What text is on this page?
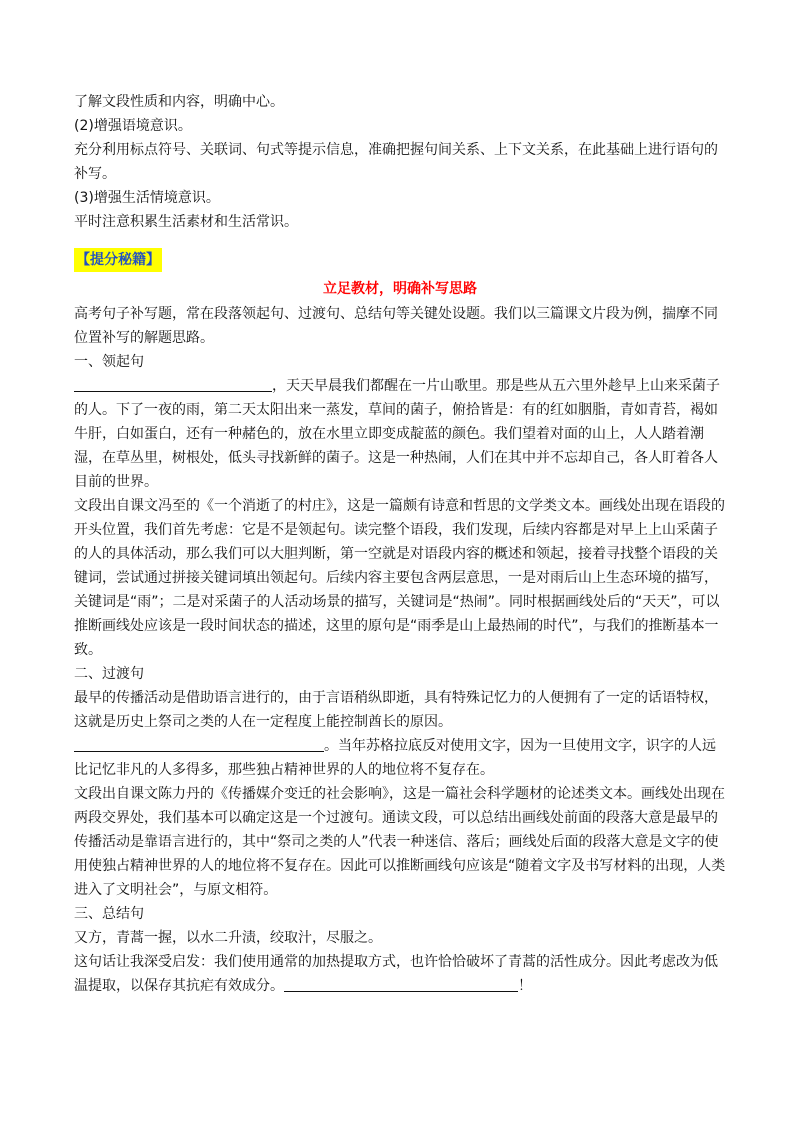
了解文段性质和内容，明确中心。

(2)增强语境意识。

充分利用标点符号、关联词、句式等提示信息，准确把握句间关系、上下文关系，在此基础上进行语句的补写。

(3)增强生活情境意识。

平时注意积累生活素材和生活常识。

【提分秘籍】
立足教材，明确补写思路

高考句子补写题，常在段落领起句、过渡句、总结句等关键处设题。我们以三篇课文片段为例，揣摩不同位置补写的解题思路。

一、领起句

，天天早晨我们都醒在一片山歌里。那是些从五六里外趁早上山来采菌子的人。下了一夜的雨，第二天太阳出来一蒸发，草间的菌子，俯拾皆是：有的红如胭脂，青如青苔，褐如牛肝，白如蛋白，还有一种赭色的，放在水里立即变成靛蓝的颜色。我们望着对面的山上，人人踏着潮湿，在草丛里，树根处，低头寻找新鲜的菌子。这是一种热闹，人们在其中并不忘却自己，各人盯着各人目前的世界。

文段出自课文冯至的《一个消逝了的村庄》，这是一篇颇有诗意和哲思的文学类文本。画线处出现在语段的开头位置，我们首先考虑：它是不是领起句。读完整个语段，我们发现，后续内容都是对早上上山采菌子的人的具体活动，那么我们可以大胆判断，第一空就是对语段内容的概述和领起，接着寻找整个语段的关键词，尝试通过拼接关键词填出领起句。后续内容主要包含两层意思，一是对雨后山上生态环境的描写，关键词是“雨”；二是对采菌子的人活动场景的描写，关键词是“热闹”。同时根据画线处后的“天天”，可以推断画线处应该是一段时间状态的描述，这里的原句是“雨季是山上最热闹的时代”，与我们的推断基本一致。

二、过渡句

最早的传播活动是借助语言进行的，由于言语稍纵即逝，具有特殊记忆力的人便拥有了一定的话语特权，这就是历史上祭司之类的人在一定程度上能控制酋长的原因。

。当年苏格拉底反对使用文字，因为一旦使用文字，识字的人远比记忆非凡的人多得多，那些独占精神世界的人的地位将不复存在。

文段出自课文陈力丹的《传播媒介变迁的社会影响》，这是一篇社会科学题材的论述类文本。画线处出现在两段交界处，我们基本可以确定这是一个过渡句。通读文段，可以总结出画线处前面的段落大意是最早的传播活动是靠语言进行的，其中“祭司之类的人”代表一种迷信、落后；画线处后面的段落大意是文字的使用使独占精神世界的人的地位将不复存在。因此可以推断画线句应该是“随着文字及书写材料的出现，人类进入了文明社会”，与原文相符。

三、总结句

又方，青蒿一握，以水二升渍，绞取汁，尽服之。

这句话让我深受启发：我们使用通常的加热提取方式，也许恰恰破坏了青蒿的活性成分。因此考虑改为低温提取，以保存其抗疟有效成分。	！
